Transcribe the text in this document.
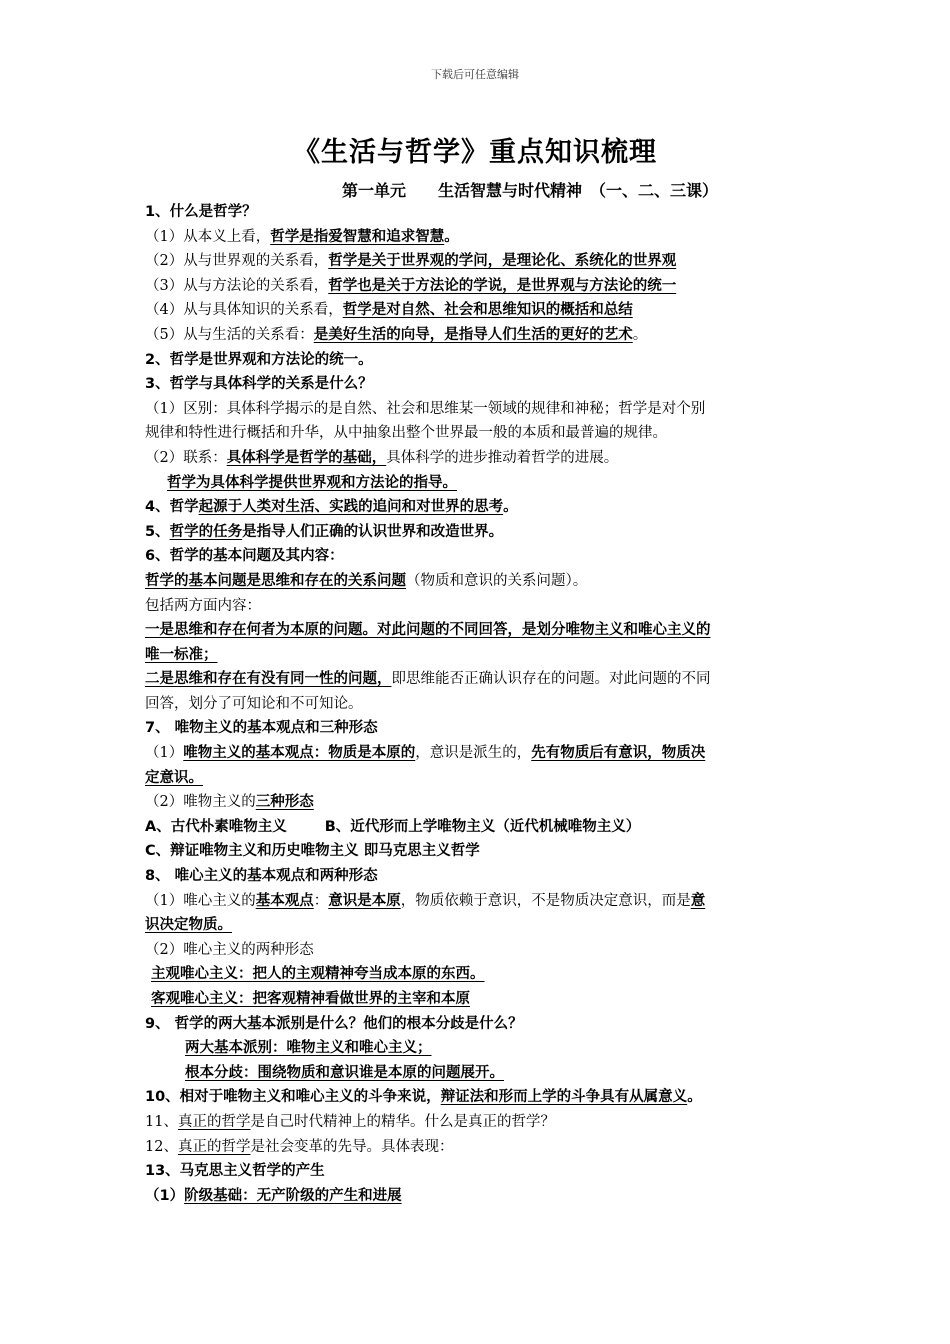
下载后可任意编辑
《生活与哲学》重点知识梳理
第一单元　　生活智慧与时代精神　（一、二、三课）
1、什么是哲学？
（1）从本义上看，哲学是指爱智慧和追求智慧。
（2）从与世界观的关系看，哲学是关于世界观的学问，是理论化、系统化的世界观
（3）从与方法论的关系看，哲学也是关于方法论的学说，是世界观与方法论的统一
（4）从与具体知识的关系看，哲学是对自然、社会和思维知识的概括和总结
（5）从与生活的关系看：是美好生活的向导，是指导人们生活的更好的艺术。
2、哲学是世界观和方法论的统一。
3、哲学与具体科学的关系是什么？
（1）区别：具体科学揭示的是自然、社会和思维某一领域的规律和神秘；哲学是对个别
规律和特性进行概括和升华，从中抽象出整个世界最一般的本质和最普遍的规律。
（2）联系：具体科学是哲学的基础，具体科学的进步推动着哲学的进展。
哲学为具体科学提供世界观和方法论的指导。
4、哲学起源于人类对生活、实践的追问和对世界的思考。
5、哲学的任务是指导人们正确的认识世界和改造世界。
6、哲学的基本问题及其内容：
哲学的基本问题是思维和存在的关系问题（物质和意识的关系问题）。
包括两方面内容：
一是思维和存在何者为本原的问题。对此问题的不同回答，是划分唯物主义和唯心主义的
唯一标准；
二是思维和存在有没有同一性的问题，即思维能否正确认识存在的问题。对此问题的不同
回答，划分了可知论和不可知论。
7、 唯物主义的基本观点和三种形态
（1）唯物主义的基本观点：物质是本原的，意识是派生的，先有物质后有意识，物质决
定意识。
（2）唯物主义的三种形态
A、古代朴素唯物主义	B、近代形而上学唯物主义（近代机械唯物主义）
C、辩证唯物主义和历史唯物主义 即马克思主义哲学
8、 唯心主义的基本观点和两种形态
（1）唯心主义的基本观点：意识是本原，物质依赖于意识，不是物质决定意识，而是意
识决定物质。
（2）唯心主义的两种形态
主观唯心主义：把人的主观精神夸当成本原的东西。
客观唯心主义：把客观精神看做世界的主宰和本原
9、 哲学的两大基本派别是什么？他们的根本分歧是什么？
两大基本派别：唯物主义和唯心主义；
根本分歧：围绕物质和意识谁是本原的问题展开。
10、相对于唯物主义和唯心主义的斗争来说，辩证法和形而上学的斗争具有从属意义。
11、真正的哲学是自己时代精神上的精华。什么是真正的哲学？
12、真正的哲学是社会变革的先导。具体表现：
13、马克思主义哲学的产生
（1）阶级基础：无产阶级的产生和进展
